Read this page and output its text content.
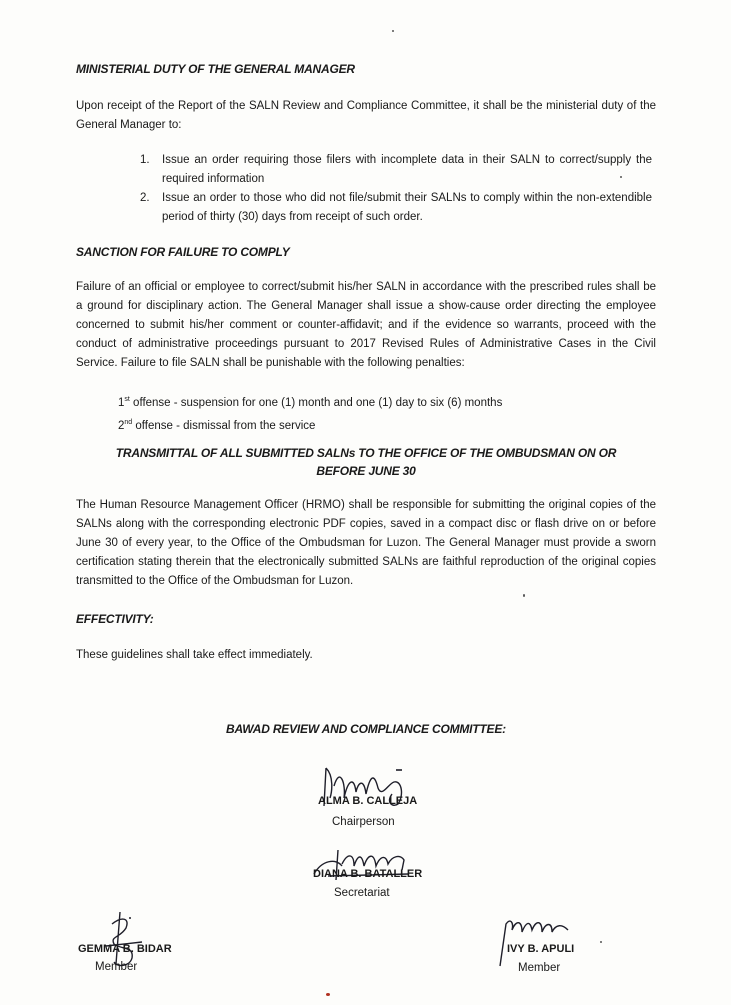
MINISTERIAL DUTY OF THE GENERAL MANAGER
Upon receipt of the Report of the SALN Review and Compliance Committee, it shall be the ministerial duty of the General Manager to:
1. Issue an order requiring those filers with incomplete data in their SALN to correct/supply the required information
2. Issue an order to those who did not file/submit their SALNs to comply within the non-extendible period of thirty (30) days from receipt of such order.
SANCTION FOR FAILURE TO COMPLY
Failure of an official or employee to correct/submit his/her SALN in accordance with the prescribed rules shall be a ground for disciplinary action. The General Manager shall issue a show-cause order directing the employee concerned to submit his/her comment or counter-affidavit; and if the evidence so warrants, proceed with the conduct of administrative proceedings pursuant to 2017 Revised Rules of Administrative Cases in the Civil Service. Failure to file SALN shall be punishable with the following penalties:
1st offense - suspension for one (1) month and one (1) day to six (6) months
2nd offense - dismissal from the service
TRANSMITTAL OF ALL SUBMITTED SALNs TO THE OFFICE OF THE OMBUDSMAN ON OR
BEFORE JUNE 30
The Human Resource Management Officer (HRMO) shall be responsible for submitting the original copies of the SALNs along with the corresponding electronic PDF copies, saved in a compact disc or flash drive on or before June 30 of every year, to the Office of the Ombudsman for Luzon. The General Manager must provide a sworn certification stating therein that the electronically submitted SALNs are faithful reproduction of the original copies transmitted to the Office of the Ombudsman for Luzon.
EFFECTIVITY:
These guidelines shall take effect immediately.
BAWAD REVIEW AND COMPLIANCE COMMITTEE:
ALMA B. CALLEJA
Chairperson
DIANA B. BATALLER
Secretariat
GEMMA B. BIDAR
Member
IVY B. APULI
Member
